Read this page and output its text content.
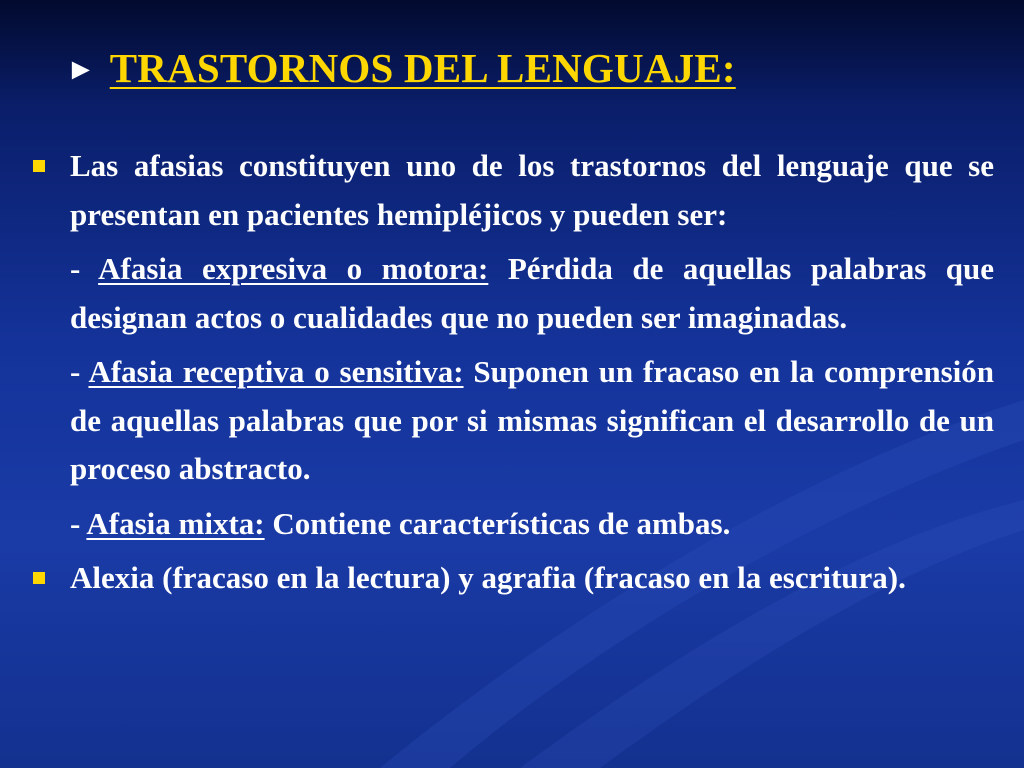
► TRASTORNOS DEL LENGUAJE:

Las afasias constituyen uno de los trastornos del lenguaje que se presentan en pacientes hemipléjicos y pueden ser:

- Afasia expresiva o motora: Pérdida de aquellas palabras que designan actos o cualidades que no pueden ser imaginadas.

- Afasia receptiva o sensitiva: Suponen un fracaso en la comprensión de aquellas palabras que por si mismas significan el desarrollo de un proceso abstracto.

- Afasia mixta: Contiene características de ambas.

Alexia (fracaso en la lectura) y agrafia (fracaso en la escritura).
